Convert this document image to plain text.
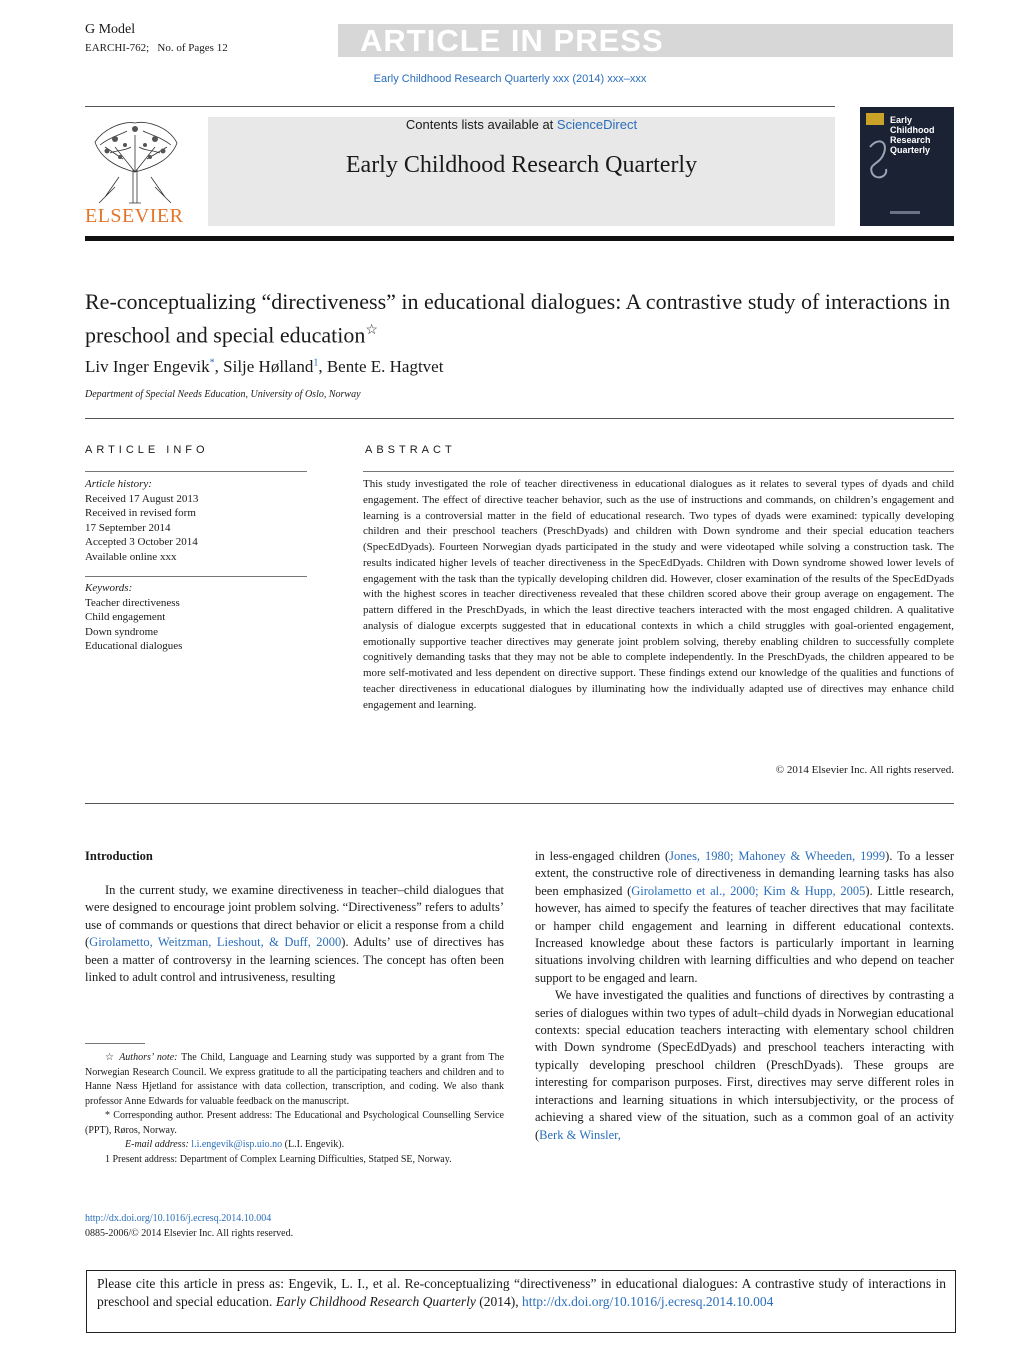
G Model
EARCHI-762; No. of Pages 12	ARTICLE IN PRESS
Early Childhood Research Quarterly xxx (2014) xxx–xxx
ELSEVIER
Contents lists available at ScienceDirect
Early Childhood Research Quarterly
Early Childhood Research Quarterly
Re-conceptualizing “directiveness” in educational dialogues: A contrastive study of interactions in preschool and special education☆
Liv Inger Engevik*, Silje Hølland$^1$, Bente E. Hagtvet
Department of Special Needs Education, University of Oslo, Norway
ARTICLE INFO	ABSTRACT
Article history:
Received 17 August 2013
Received in revised form
17 September 2014
Accepted 3 October 2014
Available online xxx
Keywords:
Teacher directiveness
Child engagement
Down syndrome
Educational dialogues
This study investigated the role of teacher directiveness in educational dialogues as it relates to several types of dyads and child engagement. The effect of directive teacher behavior, such as the use of instructions and commands, on children’s engagement and learning is a controversial matter in the field of educational research. Two types of dyads were examined: typically developing children and their preschool teachers (PreschDyads) and children with Down syndrome and their special education teachers (SpecEdDyads). Fourteen Norwegian dyads participated in the study and were videotaped while solving a construction task. The results indicated higher levels of teacher directiveness in the SpecEdDyads. Children with Down syndrome showed lower levels of engagement with the task than the typically developing children did. However, closer examination of the results of the SpecEdDyads with the highest scores in teacher directiveness revealed that these children scored above their group average on engagement. The pattern differed in the PreschDyads, in which the least directive teachers interacted with the most engaged children. A qualitative analysis of dialogue excerpts suggested that in educational contexts in which a child struggles with goal-oriented engagement, emotionally supportive teacher directives may generate joint problem solving, thereby enabling children to successfully complete cognitively demanding tasks that they may not be able to complete independently. In the PreschDyads, the children appeared to be more self-motivated and less dependent on directive support. These findings extend our knowledge of the qualities and functions of teacher directiveness in educational dialogues by illuminating how the individually adapted use of directives may enhance child engagement and learning.
© 2014 Elsevier Inc. All rights reserved.
Introduction

In the current study, we examine directiveness in teacher–child dialogues that were designed to encourage joint problem solving. “Directiveness” refers to adults’ use of commands or questions that direct behavior or elicit a response from a child (Girolametto, Weitzman, Lieshout, & Duff, 2000). Adults’ use of directives has been a matter of controversy in the learning sciences. The concept has often been linked to adult control and intrusiveness, resulting

in less-engaged children (Jones, 1980; Mahoney & Wheeden, 1999). To a lesser extent, the constructive role of directiveness in demanding learning tasks has also been emphasized (Girolametto et al., 2000; Kim & Hupp, 2005). Little research, however, has aimed to specify the features of teacher directives that may facilitate or hamper child engagement and learning in different educational contexts. Increased knowledge about these factors is particularly important in learning situations involving children with learning difficulties and who depend on teacher support to be engaged and learn.

We have investigated the qualities and functions of directives by contrasting a series of dialogues within two types of adult–child dyads in Norwegian educational contexts: special education teachers interacting with elementary school children with Down syndrome (SpecEdDyads) and preschool teachers interacting with typically developing preschool children (PreschDyads). These groups are interesting for comparison purposes. First, directives may serve different roles in interactions and learning situations in which intersubjectivity, or the process of achieving a shared view of the situation, such as a common goal of an activity (Berk & Winsler,

☆ Authors’ note: The Child, Language and Learning study was supported by a grant from The Norwegian Research Council. We express gratitude to all the participating teachers and children and to Hanne Næss Hjetland for assistance with data collection, transcription, and coding. We also thank professor Anne Edwards for valuable feedback on the manuscript.
* Corresponding author. Present address: The Educational and Psychological Counselling Service (PPT), Røros, Norway.
E-mail address: l.i.engevik@isp.uio.no (L.I. Engevik).
1 Present address: Department of Complex Learning Difficulties, Statped SE, Norway.
http://dx.doi.org/10.1016/j.ecresq.2014.10.004
0885-2006/© 2014 Elsevier Inc. All rights reserved.
Please cite this article in press as: Engevik, L. I., et al. Re-conceptualizing “directiveness” in educational dialogues: A contrastive study of interactions in preschool and special education. Early Childhood Research Quarterly (2014), http://dx.doi.org/10.1016/j.ecresq.2014.10.004
